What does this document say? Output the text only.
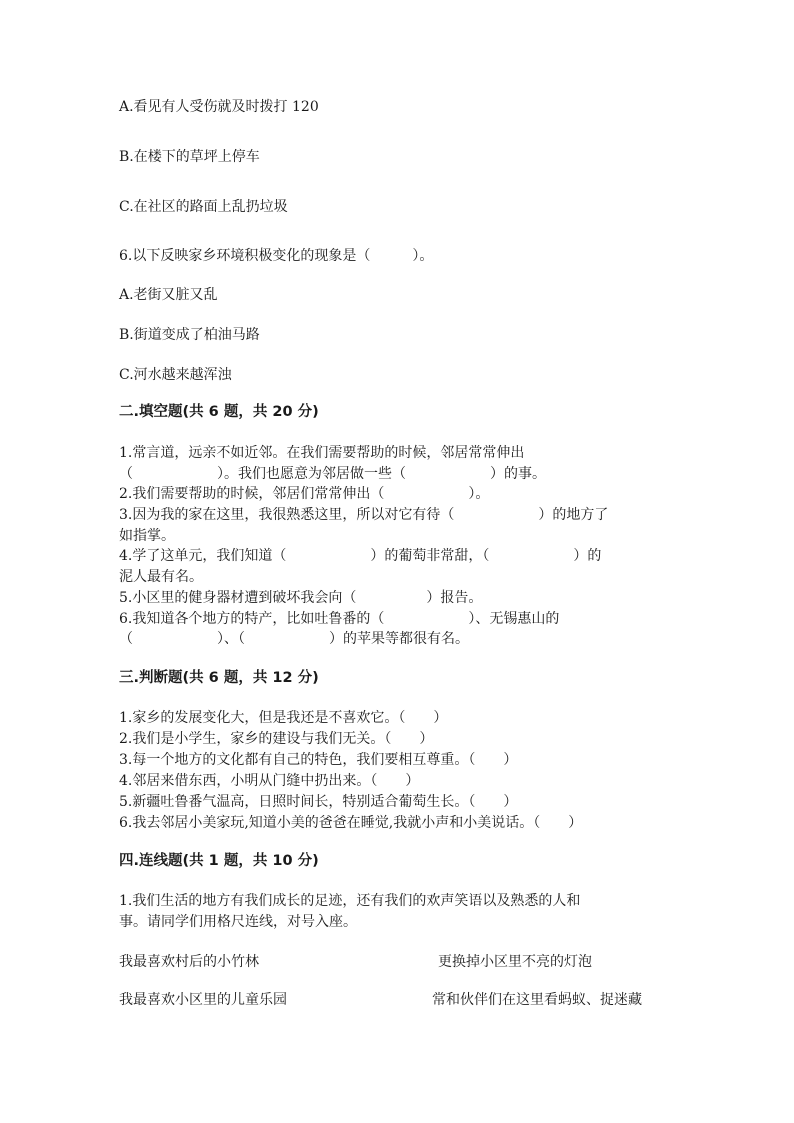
A.看见有人受伤就及时拨打 120
B.在楼下的草坪上停车
C.在社区的路面上乱扔垃圾
6.以下反映家乡环境积极变化的现象是（　　　）。
A.老街又脏又乱
B.街道变成了柏油马路
C.河水越来越浑浊
二.填空题(共 6 题，共 20 分)
1.常言道，远亲不如近邻。在我们需要帮助的时候，邻居常常伸出
（　　　　　　）。我们也愿意为邻居做一些（　　　　　　）的事。
2.我们需要帮助的时候，邻居们常常伸出（　　　　　　）。
3.因为我的家在这里，我很熟悉这里，所以对它有待（　　　　　　）的地方了
如指掌。
4.学了这单元，我们知道（　　　　　　）的葡萄非常甜，（　　　　　　）的
泥人最有名。
5.小区里的健身器材遭到破坏我会向（　　　　　）报告。
6.我知道各个地方的特产，比如吐鲁番的（　　　　　　）、无锡惠山的
（　　　　　　）、（　　　　　　）的苹果等都很有名。
三.判断题(共 6 题，共 12 分)
1.家乡的发展变化大，但是我还是不喜欢它。（　　）
2.我们是小学生，家乡的建设与我们无关。（　　）
3.每一个地方的文化都有自己的特色，我们要相互尊重。（　　）
4.邻居来借东西，小明从门缝中扔出来。（　　）
5.新疆吐鲁番气温高，日照时间长，特别适合葡萄生长。（　　）
6.我去邻居小美家玩,知道小美的爸爸在睡觉,我就小声和小美说话。（　　）
四.连线题(共 1 题，共 10 分)
1.我们生活的地方有我们成长的足迹，还有我们的欢声笑语以及熟悉的人和
事。请同学们用格尺连线，对号入座。
我最喜欢村后的小竹林	更换掉小区里不亮的灯泡
我最喜欢小区里的儿童乐园	常和伙伴们在这里看蚂蚁、捉迷藏
